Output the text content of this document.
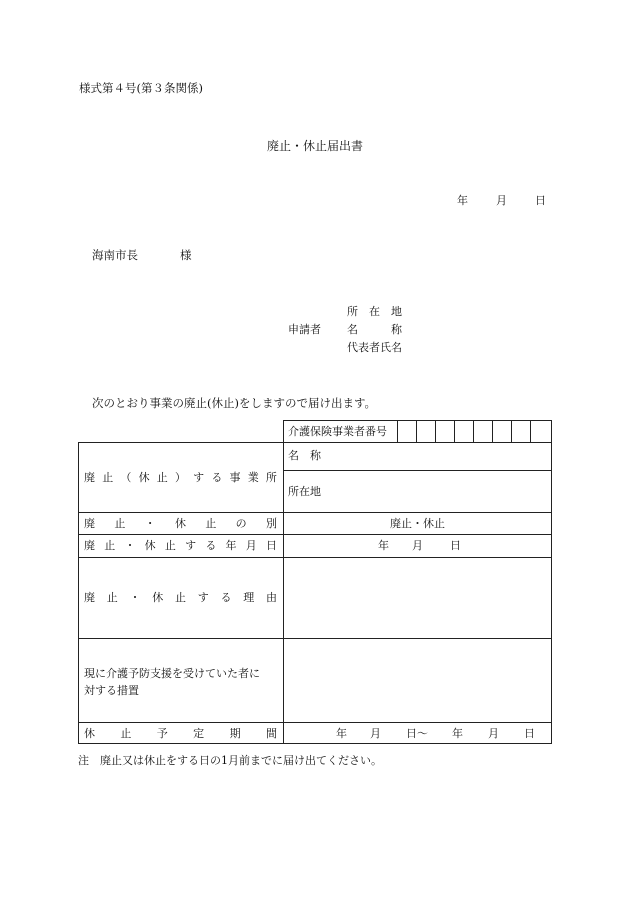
様式第４号(第３条関係)
廃止・休止届出書
年	月	日
海南市長	様
申請者
所　在　地
名　　　称
代表者氏名
次のとおり事業の廃止(休止)をしますので届け出ます。
介護保険事業者番号
廃 止 （ 休 止 ） す る 事 業 所
名　称
所在地
廃 止 ・ 休 止 の 別	廃止・休止
廃 止 ・ 休 止 す る 年 月 日	年 月 日
廃 止 ・ 休 止 す る 理 由
現に介護予防支援を受けていた者に
対する措置
休 止 予 定 期 間	年 月 日～ 年 月 日
注　廃止又は休止をする日の1月前までに届け出てください。
